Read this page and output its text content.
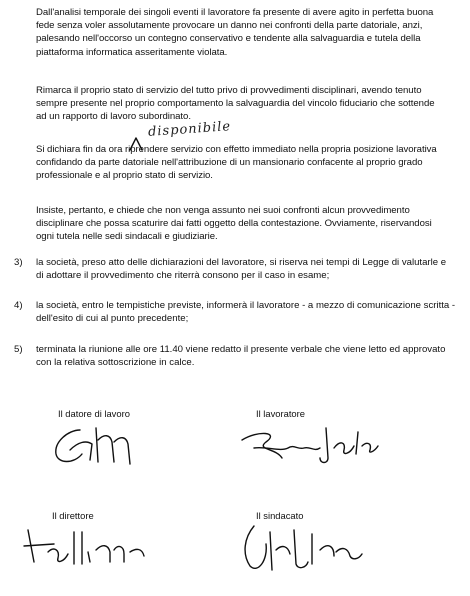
Dall'analisi temporale dei singoli eventi il lavoratore fa presente di avere agito in perfetta buona fede senza voler assolutamente provocare un danno nei confronti della parte datoriale, anzi, palesando nell'occorso un contegno conservativo e tendente alla salvaguardia e tutela della piattaforma informatica asseritamente violata.

Rimarca il proprio stato di servizio del tutto privo di provvedimenti disciplinari, avendo tenuto sempre presente nel proprio comportamento la salvaguardia del vincolo fiduciario che sottende ad un rapporto di lavoro subordinato.

Si dichiara fin da ora riprendere servizio con effetto immediato nella propria posizione lavorativa confidando da parte datoriale nell'attribuzione di un mansionario confacente al proprio grado professionale e al proprio stato di servizio.

Insiste, pertanto, e chiede che non venga assunto nei suoi confronti alcun provvedimento disciplinare che possa scaturire dai fatti oggetto della contestazione. Ovviamente, riservandosi ogni tutela nelle sedi sindacali e giudiziarie.

disponibile
3) la società, preso atto delle dichiarazioni del lavoratore, si riserva nei tempi di Legge di valutarle e di adottare il provvedimento che riterrà consono per il caso in esame;
4) la società, entro le tempistiche previste, informerà il lavoratore - a mezzo di comunicazione scritta - dell'esito di cui al punto precedente;
5) terminata la riunione alle ore 11.40 viene redatto il presente verbale che viene letto ed approvato con la relativa sottoscrizione in calce.
Il datore di lavoro	Il lavoratore
Il direttore	Il sindacato
